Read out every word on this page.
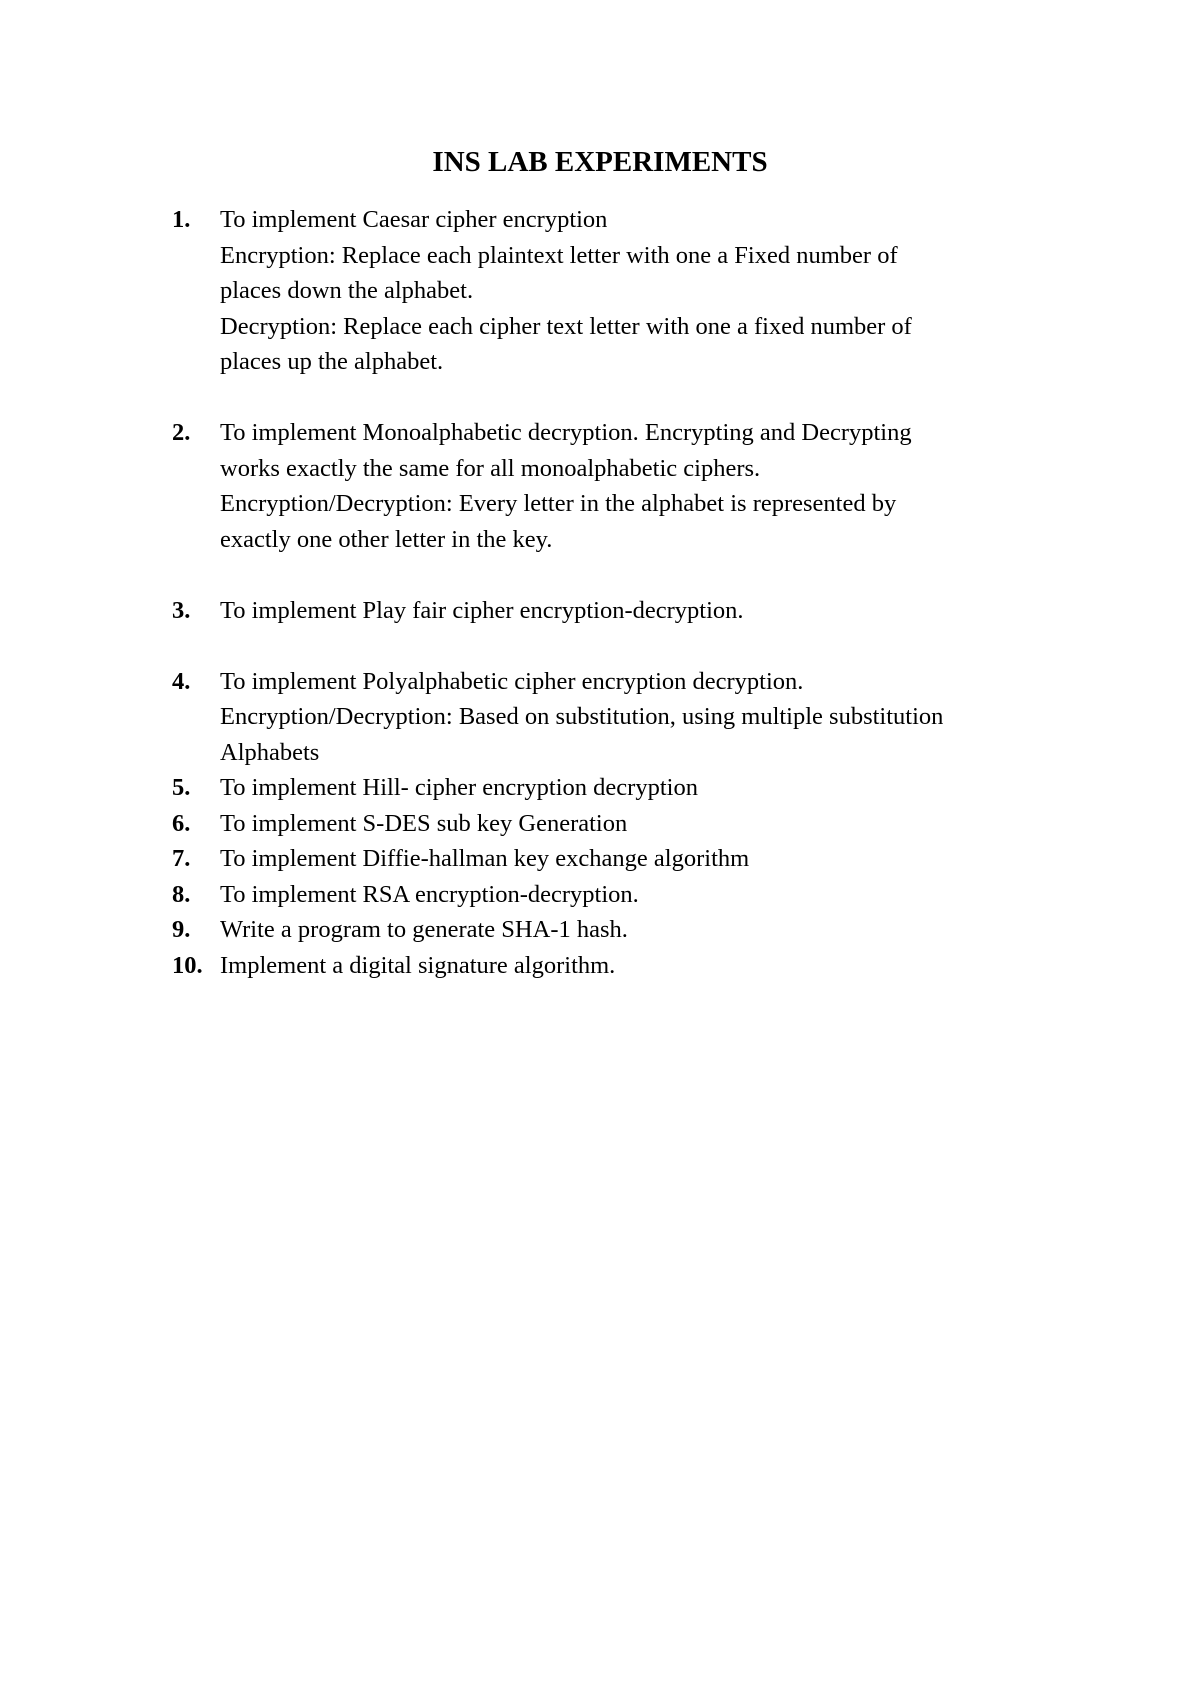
INS LAB EXPERIMENTS
1. To implement Caesar cipher encryption
Encryption: Replace each plaintext letter with one a Fixed number of
places down the alphabet.
Decryption: Replace each cipher text letter with one a fixed number of
places up the alphabet.
2. To implement Monoalphabetic decryption. Encrypting and Decrypting
works exactly the same for all monoalphabetic ciphers.
Encryption/Decryption: Every letter in the alphabet is represented by
exactly one other letter in the key.
3. To implement Play fair cipher encryption-decryption.
4. To implement Polyalphabetic cipher encryption decryption.
Encryption/Decryption: Based on substitution, using multiple substitution
Alphabets
5. To implement Hill- cipher encryption decryption
6. To implement S-DES sub key Generation
7. To implement Diffie-hallman key exchange algorithm
8. To implement RSA encryption-decryption.
9. Write a program to generate SHA-1 hash.
10. Implement a digital signature algorithm.
